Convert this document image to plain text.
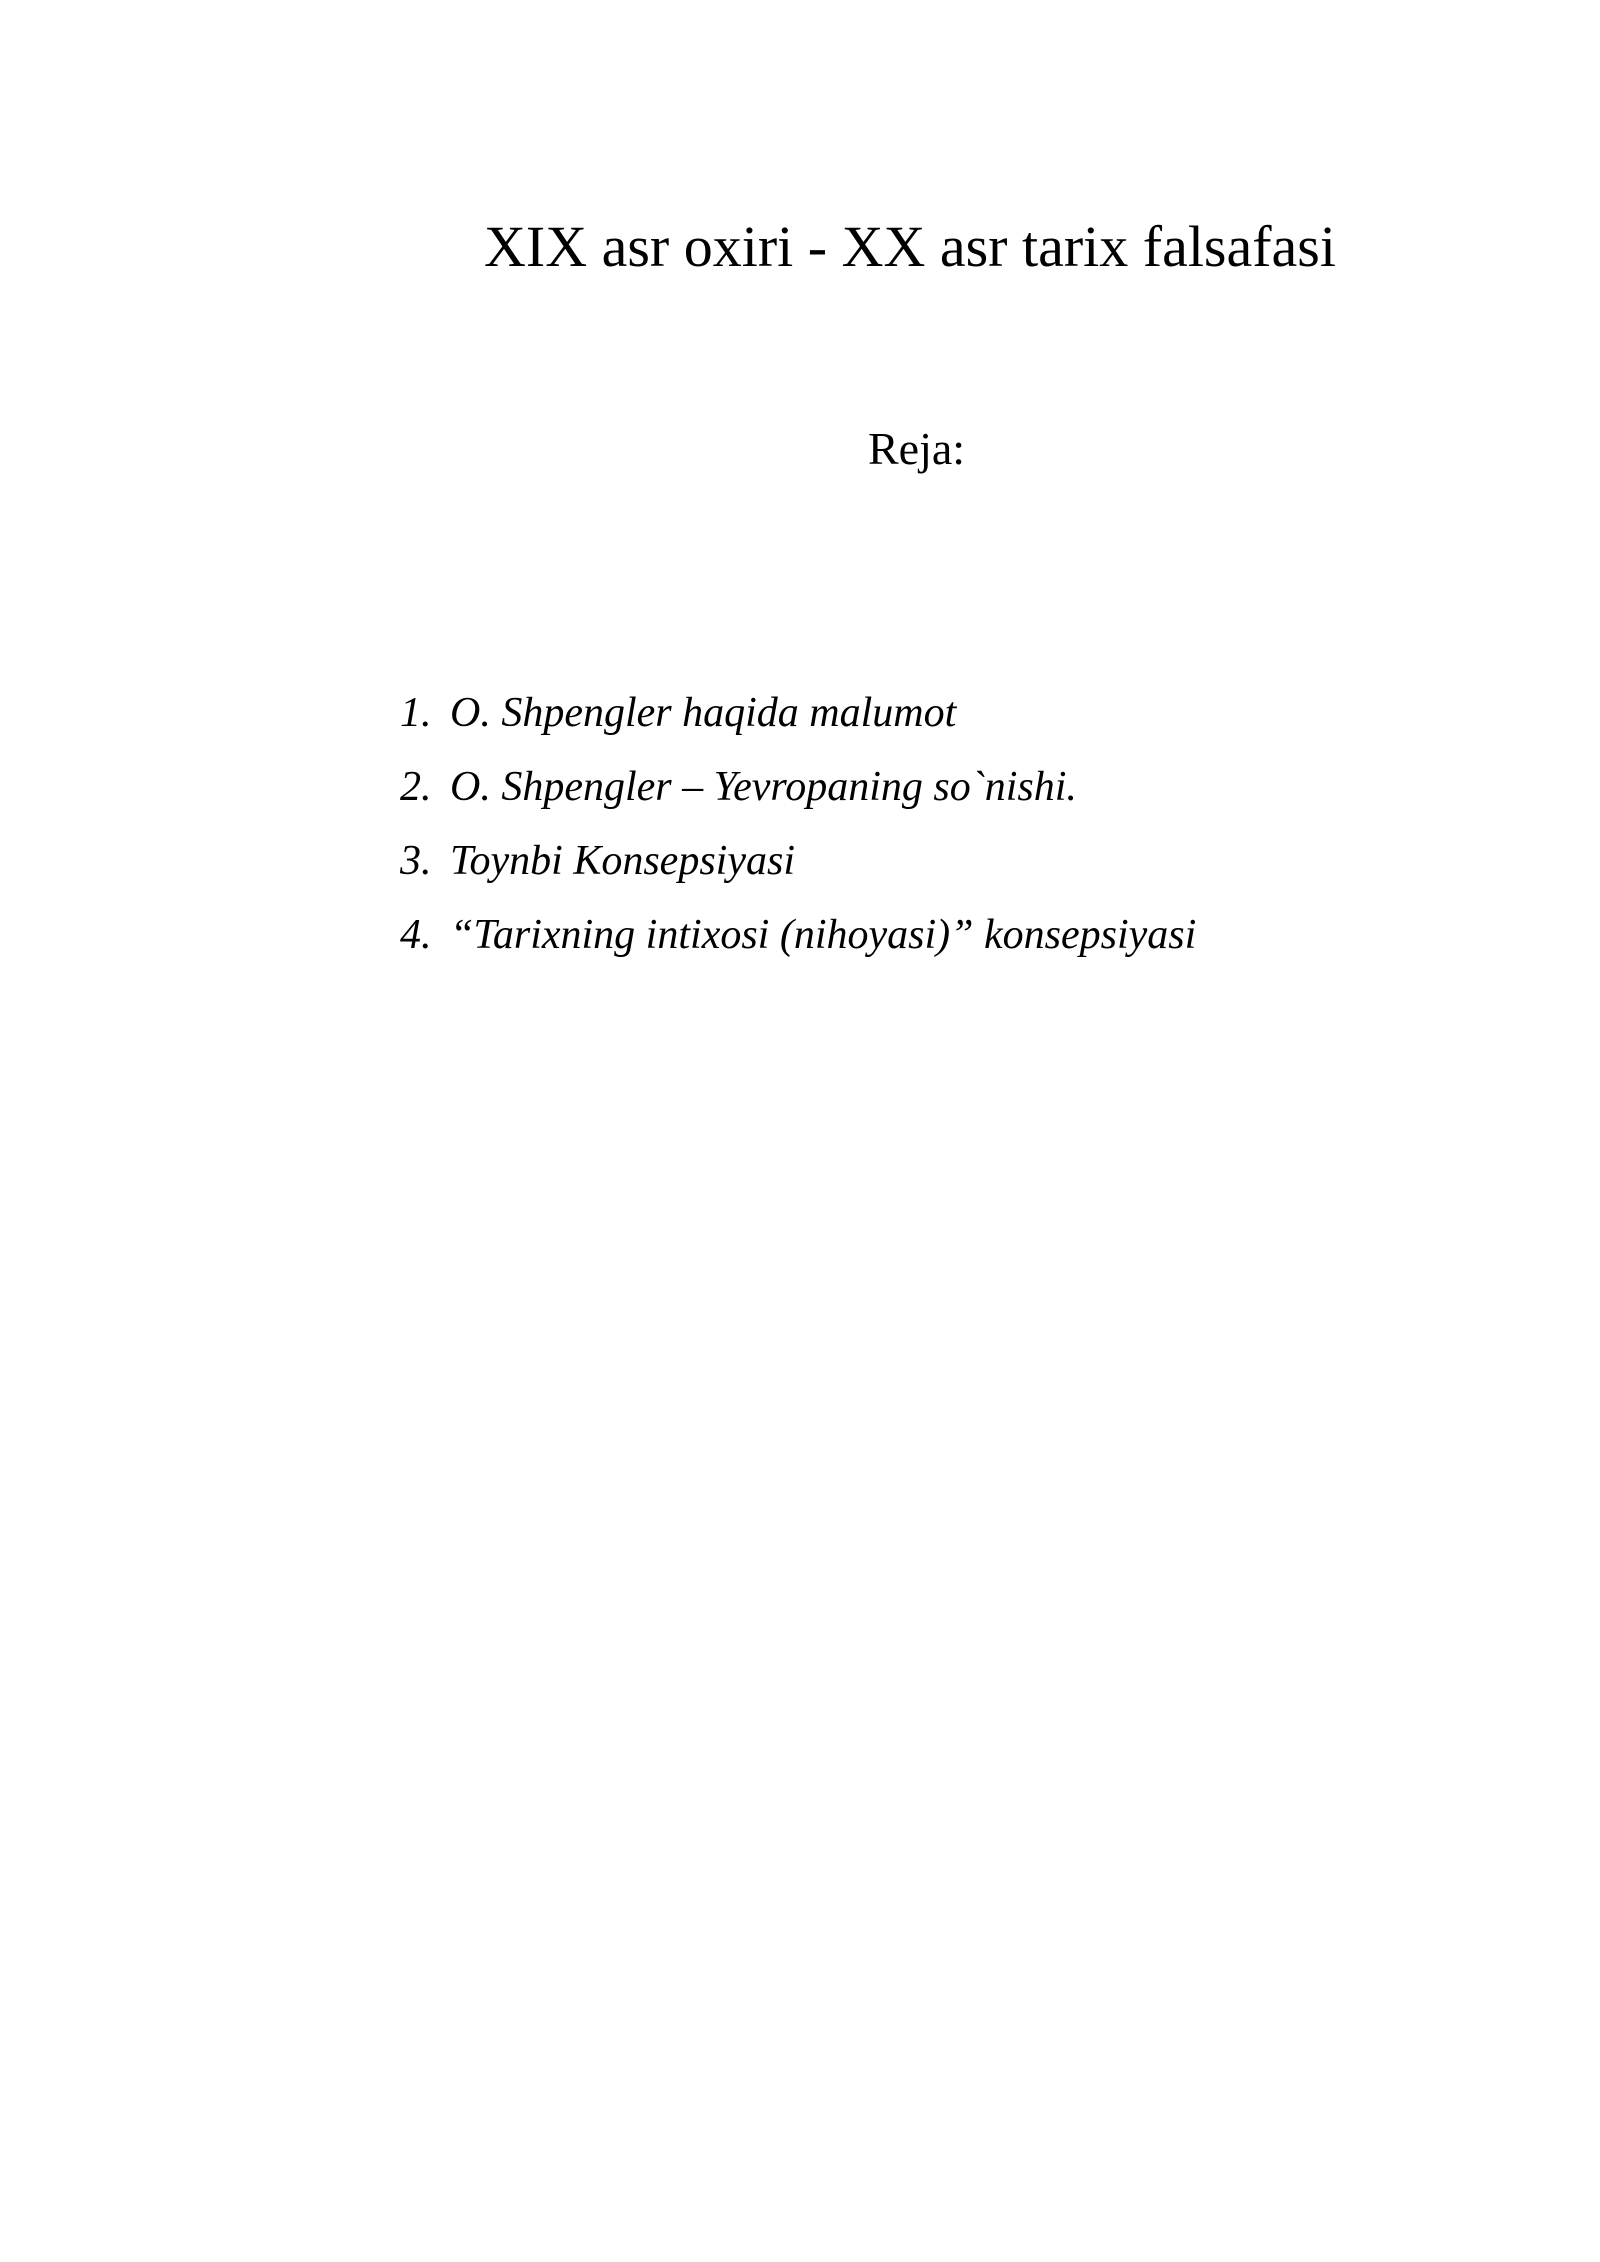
XIX asr oxiri - XX asr tarix falsafasi
Reja:
1. O. Shpengler haqida malumot
2. O. Shpengler – Yevropaning so`nishi.
3. Toynbi Konsepsiyasi
4. “Tarixning intixosi (nihoyasi)” konsepsiyasi
